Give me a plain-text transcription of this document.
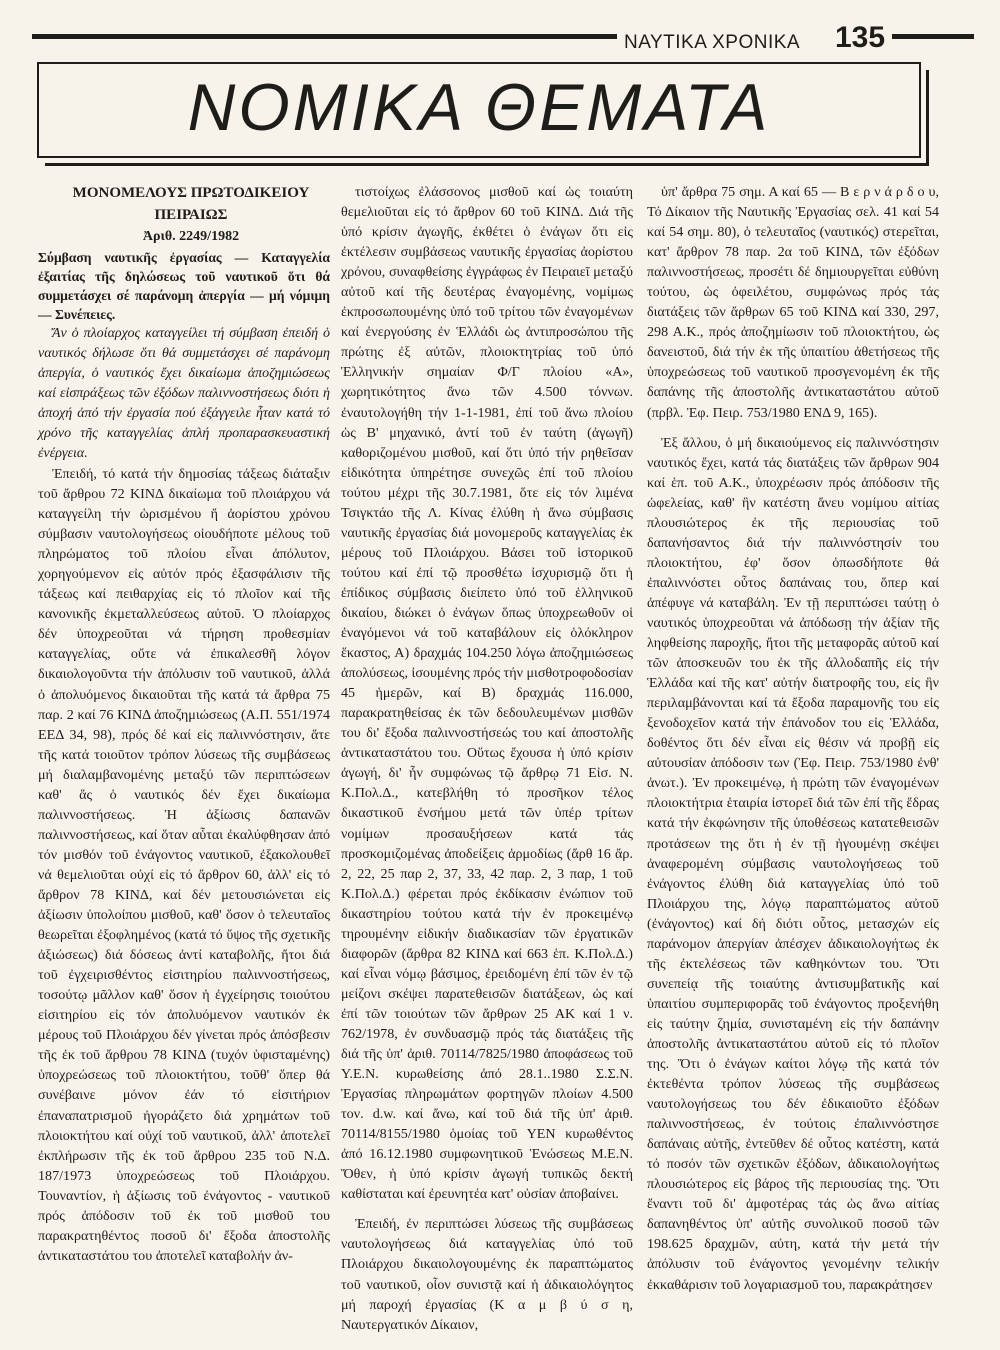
ΝΑΥΤΙΚΑ ΧΡΟΝΙΚΑ 135
ΝΟΜΙΚΑ ΘΕΜΑΤΑ

ΜΟΝΟΜΕΛΟΥΣ ΠΡΩΤΟΔΙΚΕΙΟΥ

ΠΕΙΡΑΙΩΣ

Ἀριθ. 2249/1982

Σύμβαση ναυτικῆς ἐργασίας — Καταγγελία ἐξαιτίας τῆς δηλώσεως τοῦ ναυτικοῦ ὅτι θά συμμετάσχει σέ παράνομη ἀπεργία — μή νόμιμη — Συνέπειες.

Ἄν ὁ πλοίαρχος καταγγείλει τή σύμβαση ἐπειδή ὁ ναυτικός δήλωσε ὅτι θά συμμετάσχει σέ παράνομη ἀπεργία, ὁ ναυτικός ἔχει δικαίωμα ἀποζημιώσεως καί εἰσπράξεως τῶν ἐξόδων παλιννοστήσεως διότι ἡ ἀποχή ἀπό τήν ἐργασία πού ἐξάγγειλε ἦταν κατά τό χρόνο τῆς καταγγελίας ἁπλή προπαρασκευαστική ἐνέργεια.

Ἐπειδή, τό κατά τήν δημοσίας τάξεως διάταξιν τοῦ ἄρθρου 72 ΚΙΝΔ δικαίωμα τοῦ πλοιάρχου νά καταγγείλη τήν ὡρισμένου ἤ ἀορίστου χρόνου σύμβασιν ναυτολογήσεως οἱουδήποτε μέλους τοῦ πληρώματος τοῦ πλοίου εἶναι ἀπόλυτον, χορηγούμενον εἰς αὐτόν πρός ἐξασφάλισιν τῆς τάξεως καί πειθαρχίας εἰς τό πλοῖον καί τῆς κανονικῆς ἐκμεταλλεύσεως αὐτοῦ. Ὁ πλοίαρχος δέν ὑποχρεοῦται νά τήρηση προθεσμίαν καταγγελίας, οὔτε νά ἐπικαλεσθῆ λόγον δικαιολογοῦντα τήν ἀπόλυσιν τοῦ ναυτικοῦ, ἀλλά ὁ ἀπολυόμενος δικαιοῦται τῆς κατά τά ἄρθρα 75 παρ. 2 καί 76 ΚΙΝΔ ἀποζημιώσεως (Α.Π. 551/1974 ΕΕΔ 34, 98), πρός δέ καί εἰς παλιννόστησιν, ἅτε τῆς κατά τοιοῦτον τρόπον λύσεως τῆς συμβάσεως μή διαλαμβανομένης μεταξύ τῶν περιπτώσεων καθ' ἅς ὁ ναυτικός δέν ἔχει δικαίωμα παλιννοστήσεως. Ἡ ἀξίωσις δαπανῶν παλιννοστήσεως, καί ὅταν αὗται ἐκαλύφθησαν ἀπό τόν μισθόν τοῦ ἐνάγοντος ναυτικοῦ, ἐξακολουθεῖ νά θεμελιοῦται οὐχί εἰς τό ἄρθρον 60, ἀλλ' εἰς τό ἄρθρον 78 ΚΙΝΔ, καί δέν μετουσιώνεται εἰς ἀξίωσιν ὑπολοίπου μισθοῦ, καθ' ὅσον ὁ τελευταῖος θεωρεῖται ἐξοφλημένος (κατά τό ὕψος τῆς σχετικῆς ἀξιώσεως) διά δόσεως ἀντί καταβολῆς, ἤτοι διά τοῦ ἐγχειρισθέντος εἰσιτηρίου παλιννοστήσεως, τοσούτῳ μᾶλλον καθ' ὅσον ἡ ἐγχείρησις τοιούτου εἰσιτηρίου εἰς τόν ἀπολυόμενον ναυτικόν ἐκ μέρους τοῦ Πλοιάρχου δέν γίνεται πρός ἀπόσβεσιν τῆς ἐκ τοῦ ἄρθρου 78 ΚΙΝΔ (τυχόν ὑφισταμένης) ὑποχρεώσεως τοῦ πλοιοκτήτου, τοῦθ' ὅπερ θά συνέβαινε μόνον ἐάν τό εἰσιτήριον ἐπαναπατρισμοῦ ἠγοράζετο διά χρημάτων τοῦ πλοιοκτήτου καί οὐχί τοῦ ναυτικοῦ, ἀλλ' ἀποτελεῖ ἐκπλήρωσιν τῆς ἐκ τοῦ ἄρθρου 235 τοῦ Ν.Δ. 187/1973 ὑποχρεώσεως τοῦ Πλοιάρχου. Τουναντίον, ἡ ἀξίωσις τοῦ ἐνάγοντος - ναυτικοῦ πρός ἀπόδοσιν τοῦ ἐκ τοῦ μισθοῦ του παρακρατηθέντος ποσοῦ δι' ἔξοδα ἀποστολῆς ἀντικαταστάτου του ἀποτελεῖ καταβολήν ἀν-

τιστοίχως ἐλάσσονος μισθοῦ καί ὡς τοιαύτη θεμελιοῦται εἰς τό ἄρθρον 60 τοῦ ΚΙΝΔ. Διά τῆς ὑπό κρίσιν ἀγωγῆς, ἐκθέτει ὁ ἐνάγων ὅτι εἰς ἐκτέλεσιν συμβάσεως ναυτικῆς ἐργασίας ἀορίστου χρόνου, συναφθείσης ἐγγράφως ἐν Πειραιεῖ μεταξύ αὐτοῦ καί τῆς δευτέρας ἐναγομένης, νομίμως ἐκπροσωπουμένης ὑπό τοῦ τρίτου τῶν ἐναγομένων καί ἐνεργούσης ἐν Ἑλλάδι ὡς ἀντιπροσώπου τῆς πρώτης ἐξ αὐτῶν, πλοιοκτητρίας τοῦ ὑπό Ἑλληνικήν σημαίαν Φ/Γ πλοίου «Α», χωρητικότητος ἄνω τῶν 4.500 τόννων. ἐναυτολογήθη τήν 1-1-1981, ἐπί τοῦ ἄνω πλοίου ὡς Β' μηχανικό, ἀντί τοῦ ἐν ταύτη (ἀγωγῆ) καθοριζομένου μισθοῦ, καί ὅτι ὑπό τήν ρηθεῖσαν εἰδικότητα ὑπηρέτησε συνεχῶς ἐπί τοῦ πλοίου τούτου μέχρι τῆς 30.7.1981, ὅτε εἰς τόν λιμένα Τσιγκτάο τῆς Λ. Κίνας ἐλύθη ἡ ἄνω σύμβασις ναυτικῆς ἐργασίας διά μονομεροῦς καταγγελίας ἐκ μέρους τοῦ Πλοιάρχου. Βάσει τοῦ ἱστορικοῦ τούτου καί ἐπί τῷ προσθέτω ἰσχυρισμῷ ὅτι ἡ ἐπίδικος σύμβασις διείπετο ὑπό τοῦ ἑλληνικοῦ δικαίου, διώκει ὁ ἐνάγων ὅπως ὑποχρεωθοῦν οἱ ἐναγόμενοι νά τοῦ καταβάλουν εἰς ὁλόκληρον ἕκαστος, Α) δραχμάς 104.250 λόγω ἀποζημιώσεως ἀπολύσεως, ἰσουμένης πρός τήν μισθοτροφοδοσίαν 45 ἡμερῶν, καί Β) δραχμάς 116.000, παρακρατηθείσας ἐκ τῶν δεδουλευμένων μισθῶν του δι' ἔξοδα παλιννοστήσεώς του καί ἀποστολῆς ἀντικαταστάτου του. Οὕτως ἔχουσα ἡ ὑπό κρίσιν ἀγωγή, δι' ἧν συμφώνως τῷ ἄρθρῳ 71 Εἰσ. Ν. Κ.Πολ.Δ., κατεβλήθη τό προσῆκον τέλος δικαστικοῦ ἐνσήμου μετά τῶν ὑπέρ τρίτων νομίμων προσαυξήσεων κατά τάς προσκομιζομένας ἀποδείξεις ἁρμοδίως (ἄρθ 16 ἄρ. 2, 22, 25 παρ 2, 37, 33, 42 παρ. 2, 3 παρ, 1 τοῦ Κ.Πολ.Δ.) φέρεται πρός ἐκδίκασιν ἐνώπιον τοῦ δικαστηρίου τούτου κατά τήν ἐν προκειμένῳ τηρουμένην εἰδικήν διαδικασίαν τῶν ἐργατικῶν διαφορῶν (ἄρθρα 82 ΚΙΝΔ καί 663 ἑπ. Κ.Πολ.Δ.) καί εἶναι νόμῳ βάσιμος, ἐρειδομένη ἐπί τῶν ἐν τῷ μείζονι σκέψει παρατεθεισῶν διατάξεων, ὡς καί ἐπί τῶν τοιούτων τῶν ἄρθρων 25 ΑΚ καί 1 ν. 762/1978, ἐν συνδυασμῷ πρός τάς διατάξεις τῆς διά τῆς ὑπ' ἀριθ. 70114/7825/1980 ἀποφάσεως τοῦ Υ.Ε.Ν. κυρωθείσης ἀπό 28.1..1980 Σ.Σ.Ν. Ἐργασίας πληρωμάτων φορτηγῶν πλοίων 4.500 τον. d.w. καί ἄνω, καί τοῦ διά τῆς ὑπ' ἀριθ. 70114/8155/1980 ὁμοίας τοῦ ΥΕΝ κυρωθέντος ἀπό 16.12.1980 συμφωνητικοῦ Ἑνώσεως Μ.Ε.Ν. Ὅθεν, ἡ ὑπό κρίσιν ἀγωγή τυπικῶς δεκτή καθίσταται καί ἐρευνητέα κατ' οὐσίαν ἀποβαίνει.

Ἐπειδή, ἐν περιπτώσει λύσεως τῆς συμβάσεως ναυτολογήσεως διά καταγγελίας ὑπό τοῦ Πλοιάρχου δικαιολογουμένης ἐκ παραπτώματος τοῦ ναυτικοῦ, οἷον συνιστᾷ καί ἡ ἀδικαιολόγητος μή παροχή ἐργασίας (Κ α μ β ύ σ η, Ναυτεργατικόν Δίκαιον,

ὑπ' ἄρθρα 75 σημ. Α καί 65 — Β ε ρ ν ά ρ δ ο υ, Τό Δίκαιον τῆς Ναυτικῆς Ἐργασίας σελ. 41 καί 54 καί 54 σημ. 80), ὁ τελευταῖος (ναυτικός) στερεῖται, κατ' ἄρθρον 78 παρ. 2α τοῦ ΚΙΝΔ, τῶν ἐξόδων παλιννοστήσεως, προσέτι δέ δημιουργεῖται εὐθύνη τούτου, ὡς ὀφειλέτου, συμφώνως πρός τάς διατάξεις τῶν ἄρθρων 65 τοῦ ΚΙΝΔ καί 330, 297, 298 Α.Κ., πρός ἀποζημίωσιν τοῦ πλοιοκτήτου, ὡς δανειστοῦ, διά τήν ἐκ τῆς ὑπαιτίου ἀθετήσεως τῆς ὑποχρεώσεως τοῦ ναυτικοῦ προσγενομένη ἐκ τῆς δαπάνης τῆς ἀποστολῆς ἀντικαταστάτου αὐτοῦ (πρβλ. Ἐφ. Πειρ. 753/1980 ΕΝΔ 9, 165).

Ἐξ ἄλλου, ὁ μή δικαιούμενος εἰς παλιννόστησιν ναυτικός ἔχει, κατά τάς διατάξεις τῶν ἄρθρων 904 καί ἑπ. τοῦ Α.Κ., ὑποχρέωσιν πρός ἀπόδοσιν τῆς ὠφελείας, καθ' ἣν κατέστη ἄνευ νομίμου αἰτίας πλουσιώτερος ἐκ τῆς περιουσίας τοῦ δαπανήσαντος διά τήν παλιννόστησίν του πλοιοκτήτου, ἐφ' ὅσον ὁπωσδήποτε θά ἐπαλιννόστει οὗτος δαπάναις του, ὅπερ καί ἀπέφυγε νά καταβάλη. Ἐν τῇ περιπτώσει ταύτῃ ὁ ναυτικός ὑποχρεοῦται νά ἀπόδωσῃ τήν ἀξίαν τῆς ληφθείσης παροχῆς, ἤτοι τῆς μεταφορᾶς αὐτοῦ καί τῶν ἀποσκευῶν του ἐκ τῆς ἀλλοδαπῆς εἰς τήν Ἑλλάδα καί τῆς κατ' αὐτήν διατροφῆς του, εἰς ἣν περιλαμβάνονται καί τά ἔξοδα παραμονῆς του εἰς ξενοδοχεῖον κατά τήν ἐπάνοδον του εἰς Ἑλλάδα, δοθέντος ὅτι δέν εἶναι εἰς θέσιν νά προβῇ εἰς αὐτουσίαν ἀπόδοσιν των (Ἐφ. Πειρ. 753/1980 ἐνθ' ἀνωτ.). Ἐν προκειμένῳ, ἡ πρώτη τῶν ἐναγομένων πλοιοκτήτρια ἑταιρία ἰστορεῖ διά τῶν ἐπί τῆς ἕδρας κατά τήν ἐκφώνησιν τῆς ὑποθέσεως κατατεθεισῶν προτάσεων της ὅτι ἡ ἐν τῇ ἡγουμένῃ σκέψει ἀναφερομένη σύμβασις ναυτολογήσεως τοῦ ἐνάγοντος ἐλύθη διά καταγγελίας ὑπό τοῦ Πλοιάρχου της, λόγῳ παραπτώματος αὐτοῦ (ἐνάγοντος) καί δή διότι οὗτος, μετασχών εἰς παράνομον ἀπεργίαν ἀπέσχεν ἀδικαιολογήτως ἐκ τῆς ἐκτελέσεως τῶν καθηκόντων του. Ὅτι συνεπείᾳ τῆς τοιαύτης ἀντισυμβατικῆς καί ὑπαιτίου συμπεριφορᾶς τοῦ ἐνάγοντος προξενήθη εἰς ταύτην ζημία, συνισταμένη εἰς τήν δαπάνην ἀποστολῆς ἀντικαταστάτου αὐτοῦ εἰς τό πλοῖον της. Ὅτι ὁ ἐνάγων καίτοι λόγῳ τῆς κατά τόν ἐκτεθέντα τρόπον λύσεως τῆς συμβάσεως ναυτολογήσεως του δέν ἐδικαιοῦτο ἐξόδων παλιννοστήσεως, ἐν τούτοις ἐπαλιννόστησε δαπάναις αὐτῆς, ἐντεῦθεν δέ οὗτος κατέστη, κατά τό ποσόν τῶν σχετικῶν ἐξόδων, ἀδικαιολογήτως πλουσιώτερος εἰς βάρος τῆς περιουσίας της. Ὅτι ἔναντι τοῦ δι' ἀμφοτέρας τάς ὡς ἄνω αἰτίας δαπανηθέντος ὑπ' αὐτῆς συνολικοῦ ποσοῦ τῶν 198.625 δραχμῶν, αὐτη, κατά τήν μετά τήν ἀπόλυσιν τοῦ ἐνάγοντος γενομένην τελικήν ἐκκαθάρισιν τοῦ λογαριασμοῦ του, παρακράτησεν
